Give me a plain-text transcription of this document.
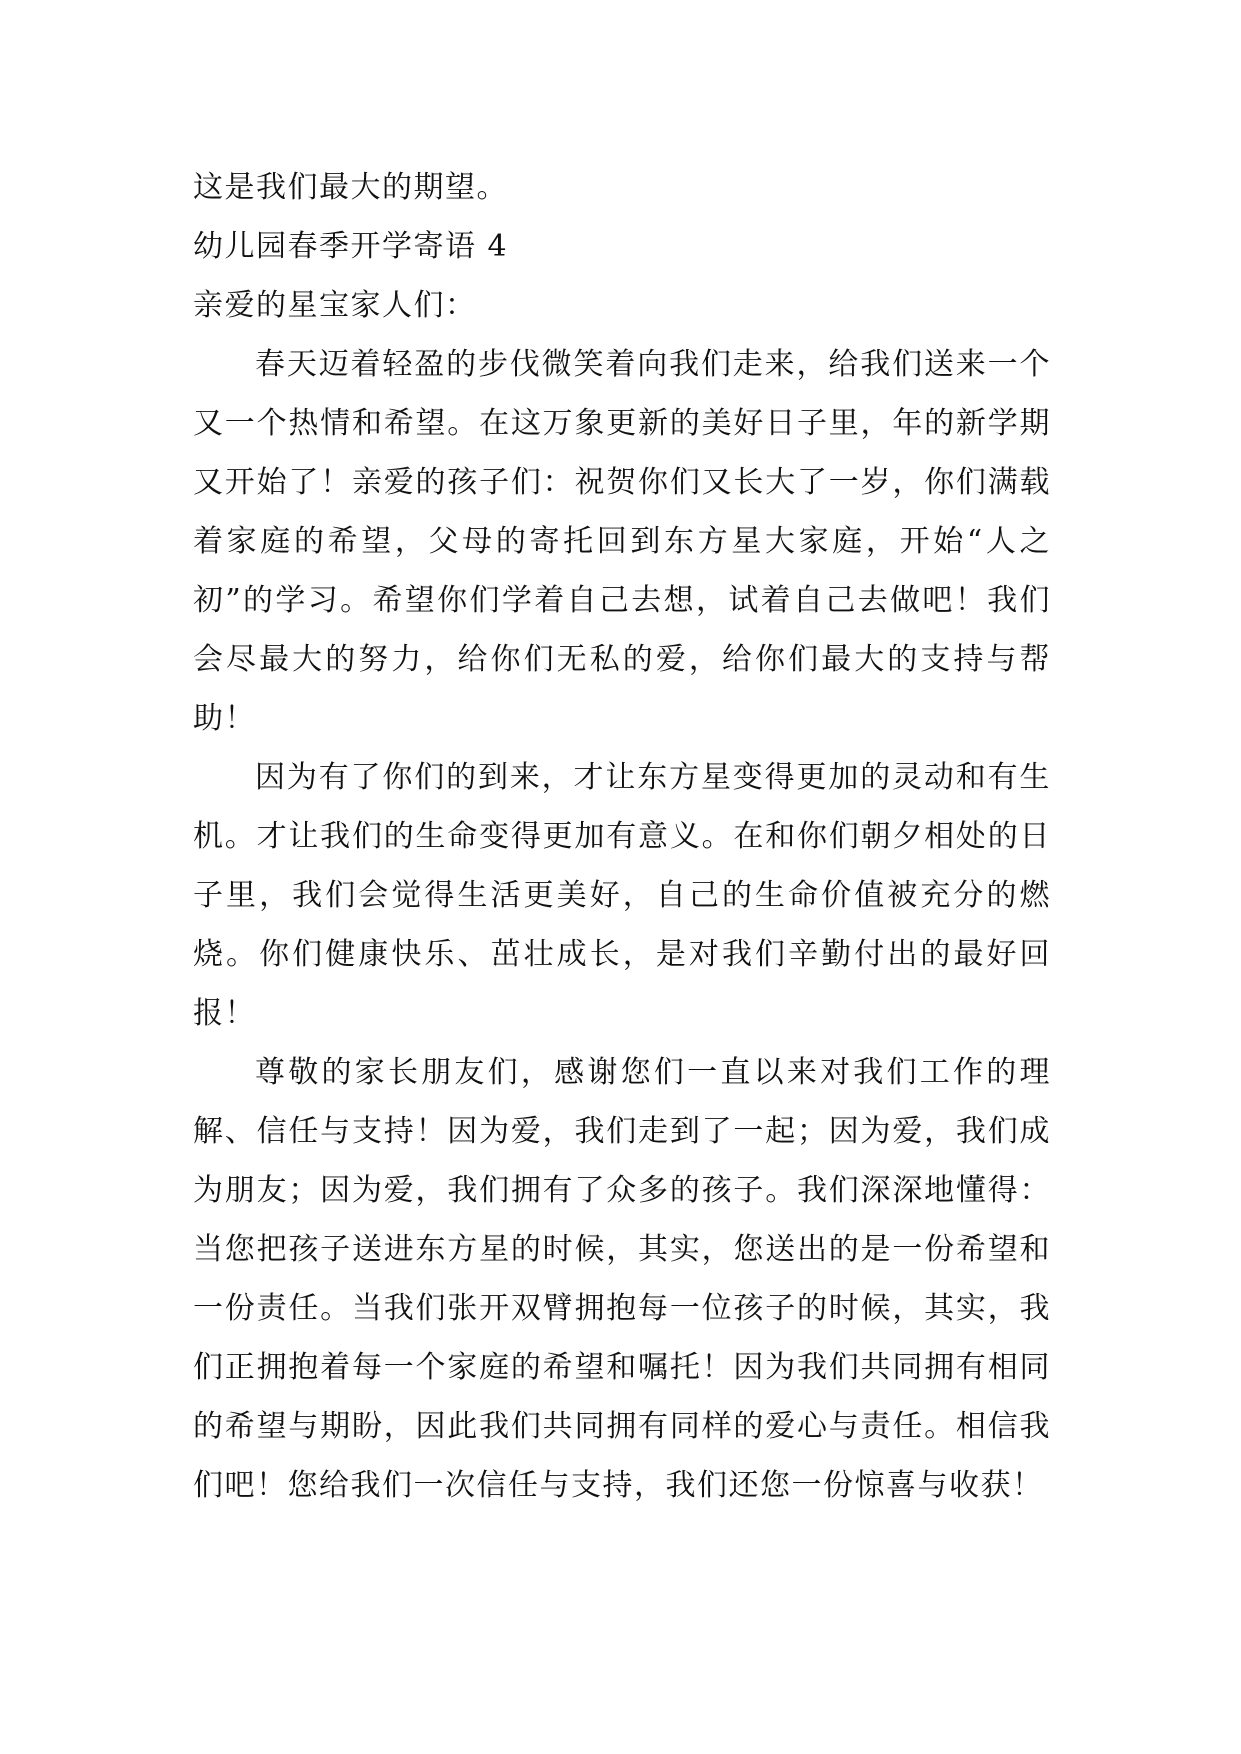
这是我们最大的期望。

幼儿园春季开学寄语 4

亲爱的星宝家人们：

春天迈着轻盈的步伐微笑着向我们走来，给我们送来一个又一个热情和希望。在这万象更新的美好日子里，年的新学期又开始了！亲爱的孩子们：祝贺你们又长大了一岁，你们满载着家庭的希望，父母的寄托回到东方星大家庭，开始“人之初”的学习。希望你们学着自己去想，试着自己去做吧！我们会尽最大的努力，给你们无私的爱，给你们最大的支持与帮助！

因为有了你们的到来，才让东方星变得更加的灵动和有生机。才让我们的生命变得更加有意义。在和你们朝夕相处的日子里，我们会觉得生活更美好，自己的生命价值被充分的燃烧。你们健康快乐、茁壮成长，是对我们辛勤付出的最好回报！

尊敬的家长朋友们，感谢您们一直以来对我们工作的理解、信任与支持！因为爱，我们走到了一起；因为爱，我们成为朋友；因为爱，我们拥有了众多的孩子。我们深深地懂得：当您把孩子送进东方星的时候，其实，您送出的是一份希望和一份责任。当我们张开双臂拥抱每一位孩子的时候，其实，我们正拥抱着每一个家庭的希望和嘱托！因为我们共同拥有相同的希望与期盼，因此我们共同拥有同样的爱心与责任。相信我们吧！您给我们一次信任与支持，我们还您一份惊喜与收获！
